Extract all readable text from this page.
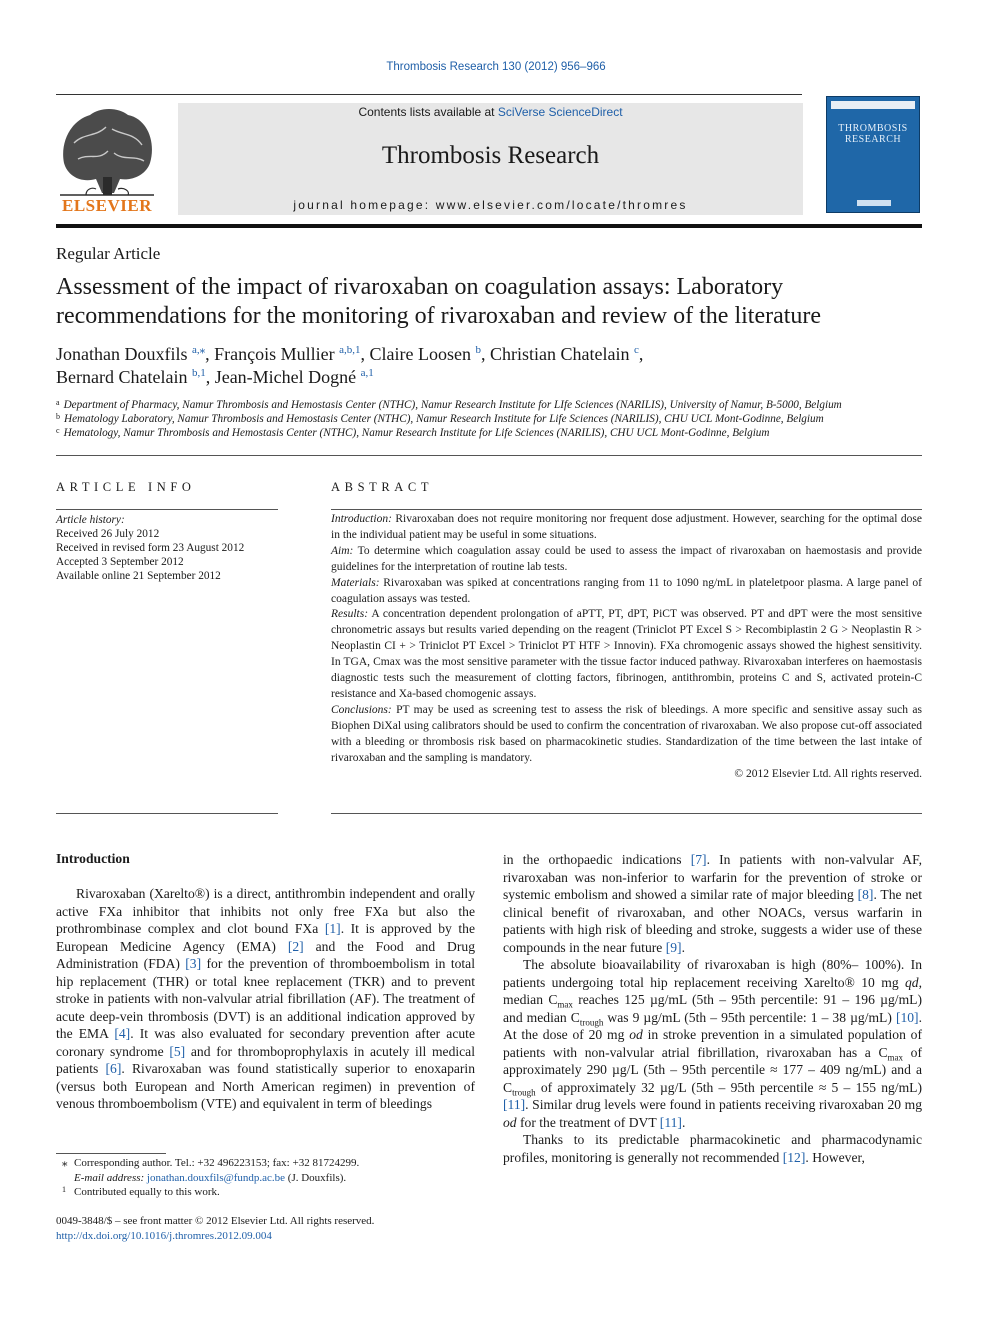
Thrombosis Research 130 (2012) 956–966
ELSEVIER
Contents lists available at SciVerse ScienceDirect
Thrombosis Research
journal homepage: www.elsevier.com/locate/thromres
THROMBOSIS
RESEARCH
Regular Article
Assessment of the impact of rivaroxaban on coagulation assays: Laboratory recommendations for the monitoring of rivaroxaban and review of the literature
Jonathan Douxfils $^{a,⁎}$, François Mullier $^{a,b,1}$, Claire Loosen $^b$, Christian Chatelain $^c$,
Bernard Chatelain $^{b,1}$, Jean-Michel Dogné $^{a,1}$
$^a$ Department of Pharmacy, Namur Thrombosis and Hemostasis Center (NTHC), Namur Research Institute for LIfe Sciences (NARILIS), University of Namur, B-5000, Belgium
$^b$ Hematology Laboratory, Namur Thrombosis and Hemostasis Center (NTHC), Namur Research Institute for Life Sciences (NARILIS), CHU UCL Mont-Godinne, Belgium
$^c$ Hematology, Namur Thrombosis and Hemostasis Center (NTHC), Namur Research Institute for Life Sciences (NARILIS), CHU UCL Mont-Godinne, Belgium
ARTICLE INFO
Article history:
Received 26 July 2012
Received in revised form 23 August 2012
Accepted 3 September 2012
Available online 21 September 2012
ABSTRACT

Introduction: Rivaroxaban does not require monitoring nor frequent dose adjustment. However, searching for the optimal dose in the individual patient may be useful in some situations.

Aim: To determine which coagulation assay could be used to assess the impact of rivaroxaban on haemostasis and provide guidelines for the interpretation of routine lab tests.

Materials: Rivaroxaban was spiked at concentrations ranging from 11 to 1090 ng/mL in plateletpoor plasma. A large panel of coagulation assays was tested.

Results: A concentration dependent prolongation of aPTT, PT, dPT, PiCT was observed. PT and dPT were the most sensitive chronometric assays but results varied depending on the reagent (Triniclot PT Excel S > Recombiplastin 2 G > Neoplastin R > Neoplastin CI + > Triniclot PT Excel > Triniclot PT HTF > Innovin). FXa chromogenic assays showed the highest sensitivity. In TGA, Cmax was the most sensitive parameter with the tissue factor induced pathway. Rivaroxaban interferes on haemostasis diagnostic tests such the measurement of clotting factors, fibrinogen, antithrombin, proteins C and S, activated protein-C resistance and Xa-based chomogenic assays.

Conclusions: PT may be used as screening test to assess the risk of bleedings. A more specific and sensitive assay such as Biophen DiXal using calibrators should be used to confirm the concentration of rivaroxaban. We also propose cut-off associated with a bleeding or thrombosis risk based on pharmacokinetic studies. Standardization of the time between the last intake of rivaroxaban and the sampling is mandatory.

© 2012 Elsevier Ltd. All rights reserved.

Introduction

Rivaroxaban (Xarelto®) is a direct, antithrombin independent and orally active FXa inhibitor that inhibits not only free FXa but also the prothrombinase complex and clot bound FXa [1]. It is approved by the European Medicine Agency (EMA) [2] and the Food and Drug Administration (FDA) [3] for the prevention of thromboembolism in total hip replacement (THR) or total knee replacement (TKR) and to prevent stroke in patients with non-valvular atrial fibrillation (AF). The treatment of acute deep-vein thrombosis (DVT) is an additional indication approved by the EMA [4]. It was also evaluated for secondary prevention after acute coronary syndrome [5] and for thromboprophylaxis in acutely ill medical patients [6]. Rivaroxaban was found statistically superior to enoxaparin (versus both European and North American regimen) in prevention of venous thromboembolism (VTE) and equivalent in term of bleedings

in the orthopaedic indications [7]. In patients with non-valvular AF, rivaroxaban was non-inferior to warfarin for the prevention of stroke or systemic embolism and showed a similar rate of major bleeding [8]. The net clinical benefit of rivaroxaban, and other NOACs, versus warfarin in patients with high risk of bleeding and stroke, suggests a wider use of these compounds in the near future [9].

The absolute bioavailability of rivaroxaban is high (80%– 100%). In patients undergoing total hip replacement receiving Xarelto® 10 mg qd, median $C_{max}$ reaches 125 µg/mL (5th – 95th percentile: 91 – 196 µg/mL) and median $C_{trough}$ was 9 µg/mL (5th – 95th percentile: 1 – 38 µg/mL) [10]. At the dose of 20 mg od in stroke prevention in a simulated population of patients with non-valvular atrial fibrillation, rivaroxaban has a $C_{max}$ of approximately 290 µg/L (5th – 95th percentile ≈ 177 – 409 ng/mL) and a $C_{trough}$ of approximately 32 µg/L (5th – 95th percentile ≈ 5 – 155 ng/mL) [11]. Similar drug levels were found in patients receiving rivaroxaban 20 mg od for the treatment of DVT [11].

Thanks to its predictable pharmacokinetic and pharmacodynamic profiles, monitoring is generally not recommended [12]. However,

⁎ Corresponding author. Tel.: +32 496223153; fax: +32 81724299.
E-mail address: jonathan.douxfils@fundp.ac.be (J. Douxfils).
1 Contributed equally to this work.
0049-3848/$ – see front matter © 2012 Elsevier Ltd. All rights reserved.
http://dx.doi.org/10.1016/j.thromres.2012.09.004
